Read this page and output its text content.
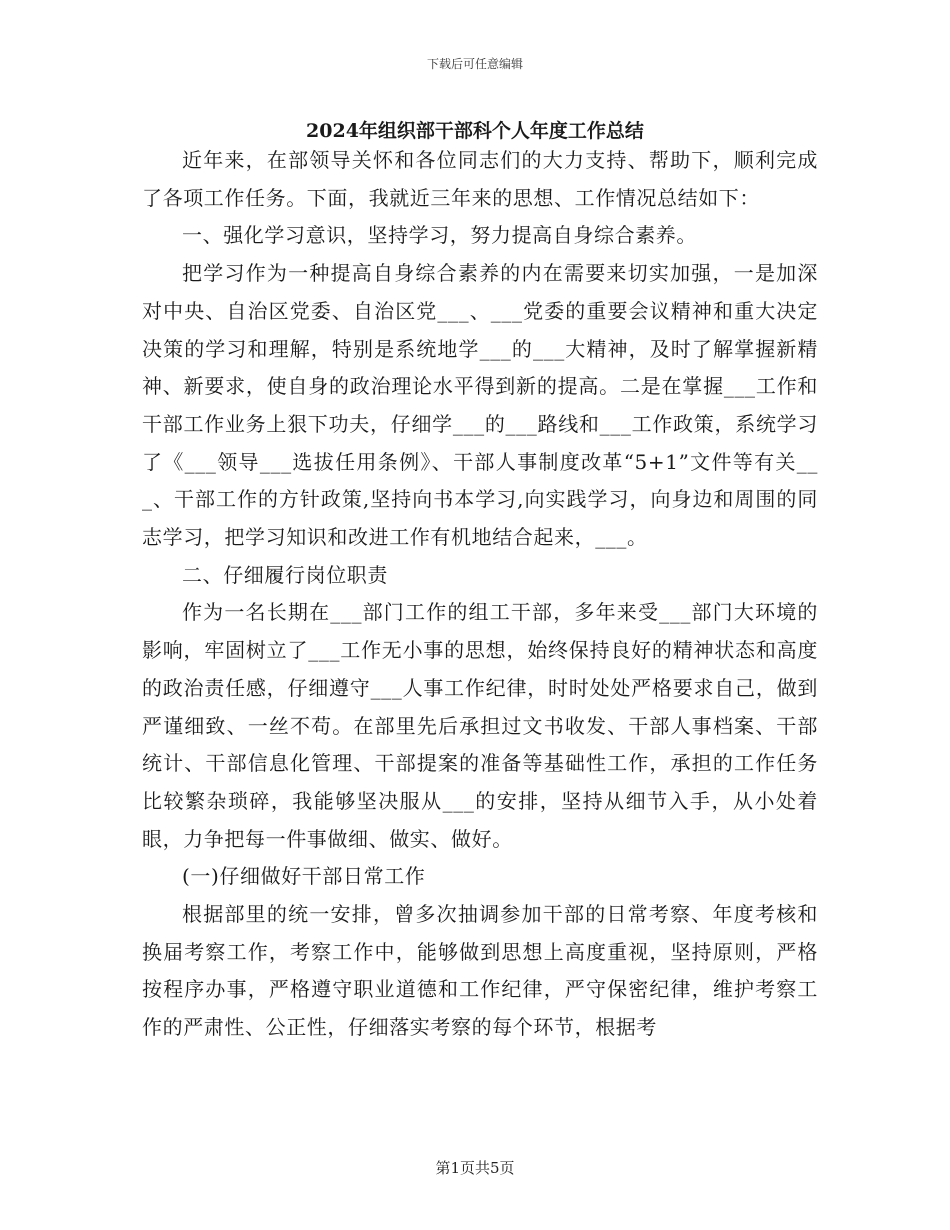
下载后可任意编辑
2024年组织部干部科个人年度工作总结

近年来，在部领导关怀和各位同志们的大力支持、帮助下，顺利完成了各项工作任务。下面，我就近三年来的思想、工作情况总结如下：

一、强化学习意识，坚持学习，努力提高自身综合素养。

把学习作为一种提高自身综合素养的内在需要来切实加强，一是加深对中央、自治区党委、自治区党___、___党委的重要会议精神和重大决定决策的学习和理解，特别是系统地学___的___大精神，及时了解掌握新精神、新要求，使自身的政治理论水平得到新的提高。二是在掌握___工作和干部工作业务上狠下功夫，仔细学___的___路线和___工作政策，系统学习了《___领导___选拔任用条例》、干部人事制度改革“5+1”文件等有关___、干部工作的方针政策,坚持向书本学习,向实践学习，向身边和周围的同志学习，把学习知识和改进工作有机地结合起来，___。

二、仔细履行岗位职责

作为一名长期在___部门工作的组工干部，多年来受___部门大环境的影响，牢固树立了___工作无小事的思想，始终保持良好的精神状态和高度的政治责任感，仔细遵守___人事工作纪律，时时处处严格要求自己，做到严谨细致、一丝不苟。在部里先后承担过文书收发、干部人事档案、干部统计、干部信息化管理、干部提案的准备等基础性工作，承担的工作任务比较繁杂琐碎，我能够坚决服从___的安排，坚持从细节入手，从小处着眼，力争把每一件事做细、做实、做好。

(一)仔细做好干部日常工作

根据部里的统一安排，曾多次抽调参加干部的日常考察、年度考核和换届考察工作，考察工作中，能够做到思想上高度重视，坚持原则，严格按程序办事，严格遵守职业道德和工作纪律，严守保密纪律，维护考察工作的严肃性、公正性，仔细落实考察的每个环节，根据考

第1页共5页
